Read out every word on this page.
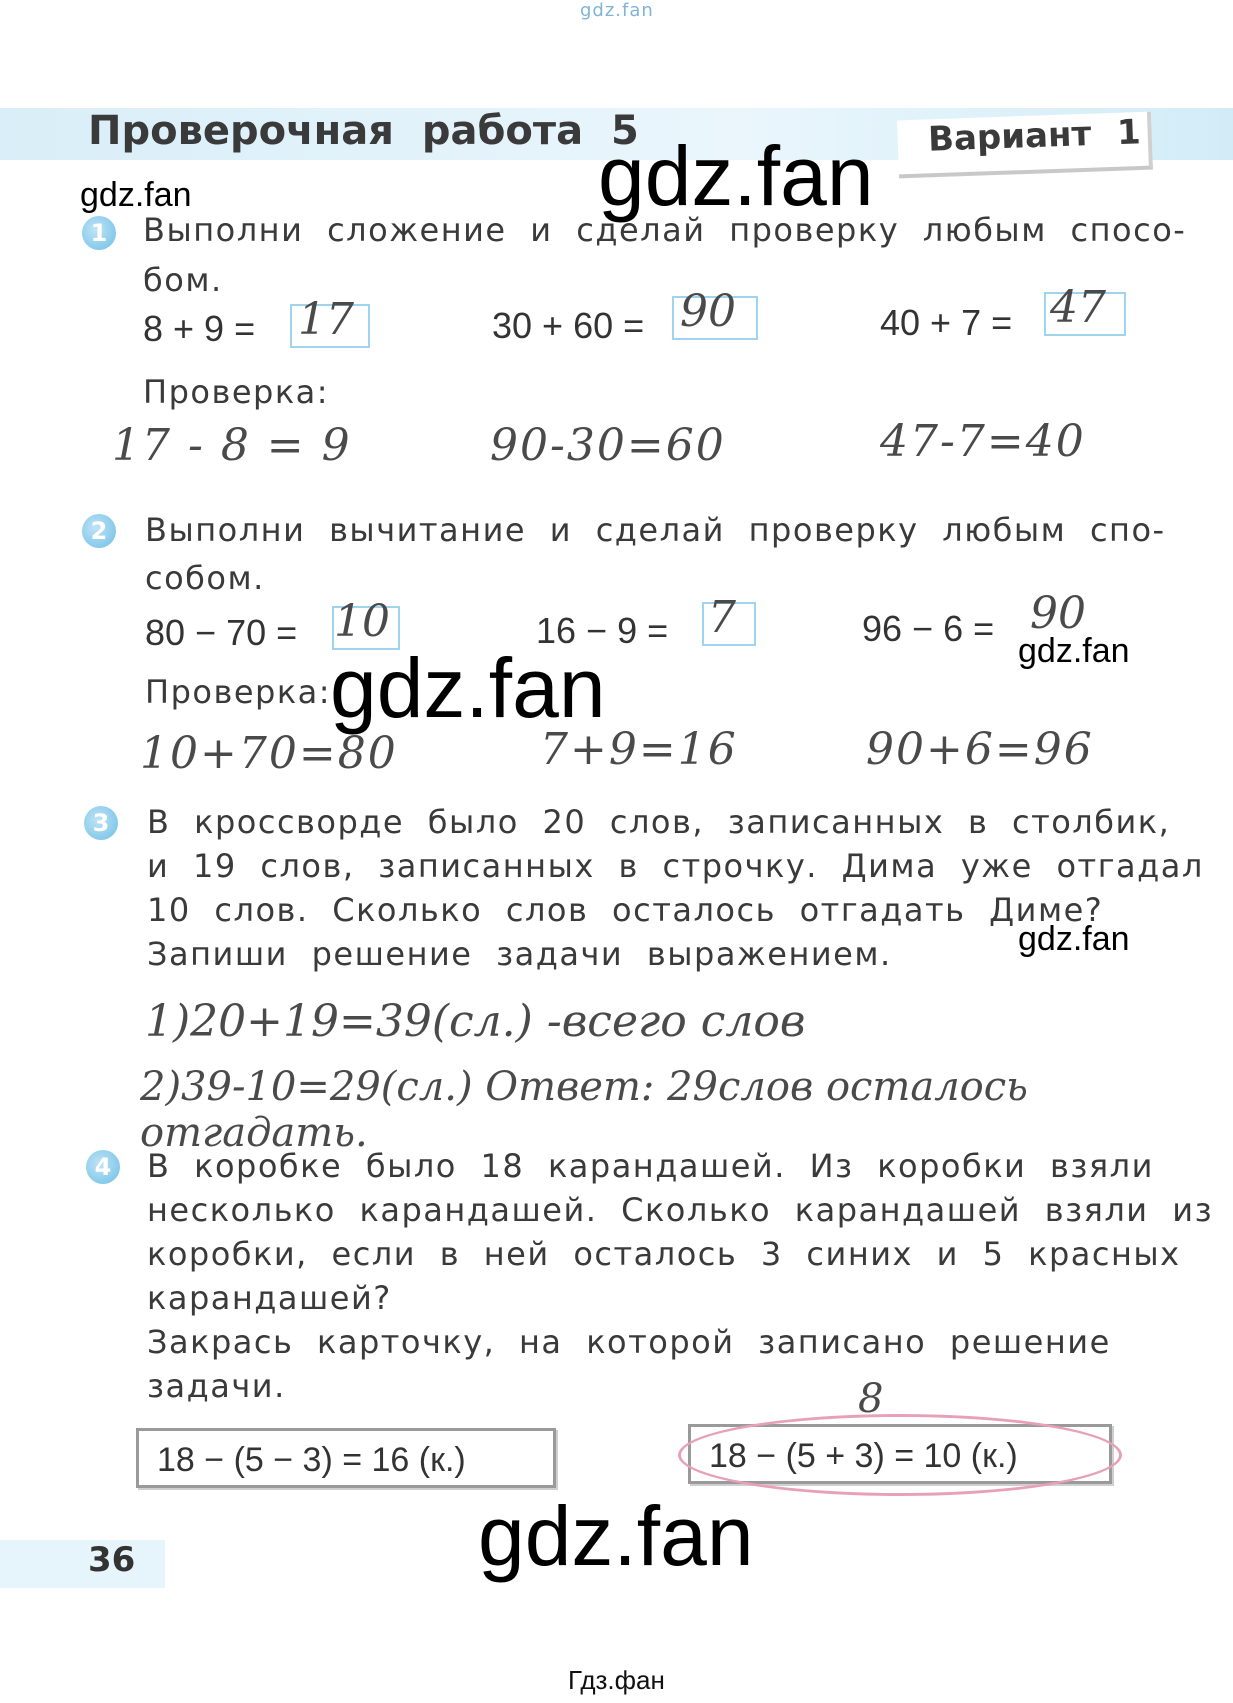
gdz.fan
Проверочная работа 5	Вариант 1
gdz.fan
gdz.fan
1 Выполни сложение и сделай проверку любым спосо-
бом.
8 + 9 = 17	30 + 60 = 90	40 + 7 = 47
Проверка:
17 - 8 = 9	90-30=60	47-7=40
2 Выполни вычитание и сделай проверку любым спо-
собом.
80 − 70 = 10	16 − 9 = 7	96 − 6 = 90
gdz.fan
Проверка:
gdz.fan
10+70=80	7+9=16	90+6=96
3 В кроссворде было 20 слов, записанных в столбик,
и 19 слов, записанных в строчку. Дима уже отгадал
10 слов. Сколько слов осталось отгадать Диме?
Запиши решение задачи выражением.	gdz.fan
1)20+19=39(сл.) -всего слов
2)39-10=29(сл.) Ответ: 29слов осталось отгадать.
4 В коробке было 18 карандашей. Из коробки взяли
несколько карандашей. Сколько карандашей взяли из
коробки, если в ней осталось 3 синих и 5 красных
карандашей?
Закрась карточку, на которой записано решение
задачи.
18 − (5 − 3) = 16 (к.)	18 − (5 + 3) = 10 (к.)
8
gdz.fan
36
Гдз.фан
